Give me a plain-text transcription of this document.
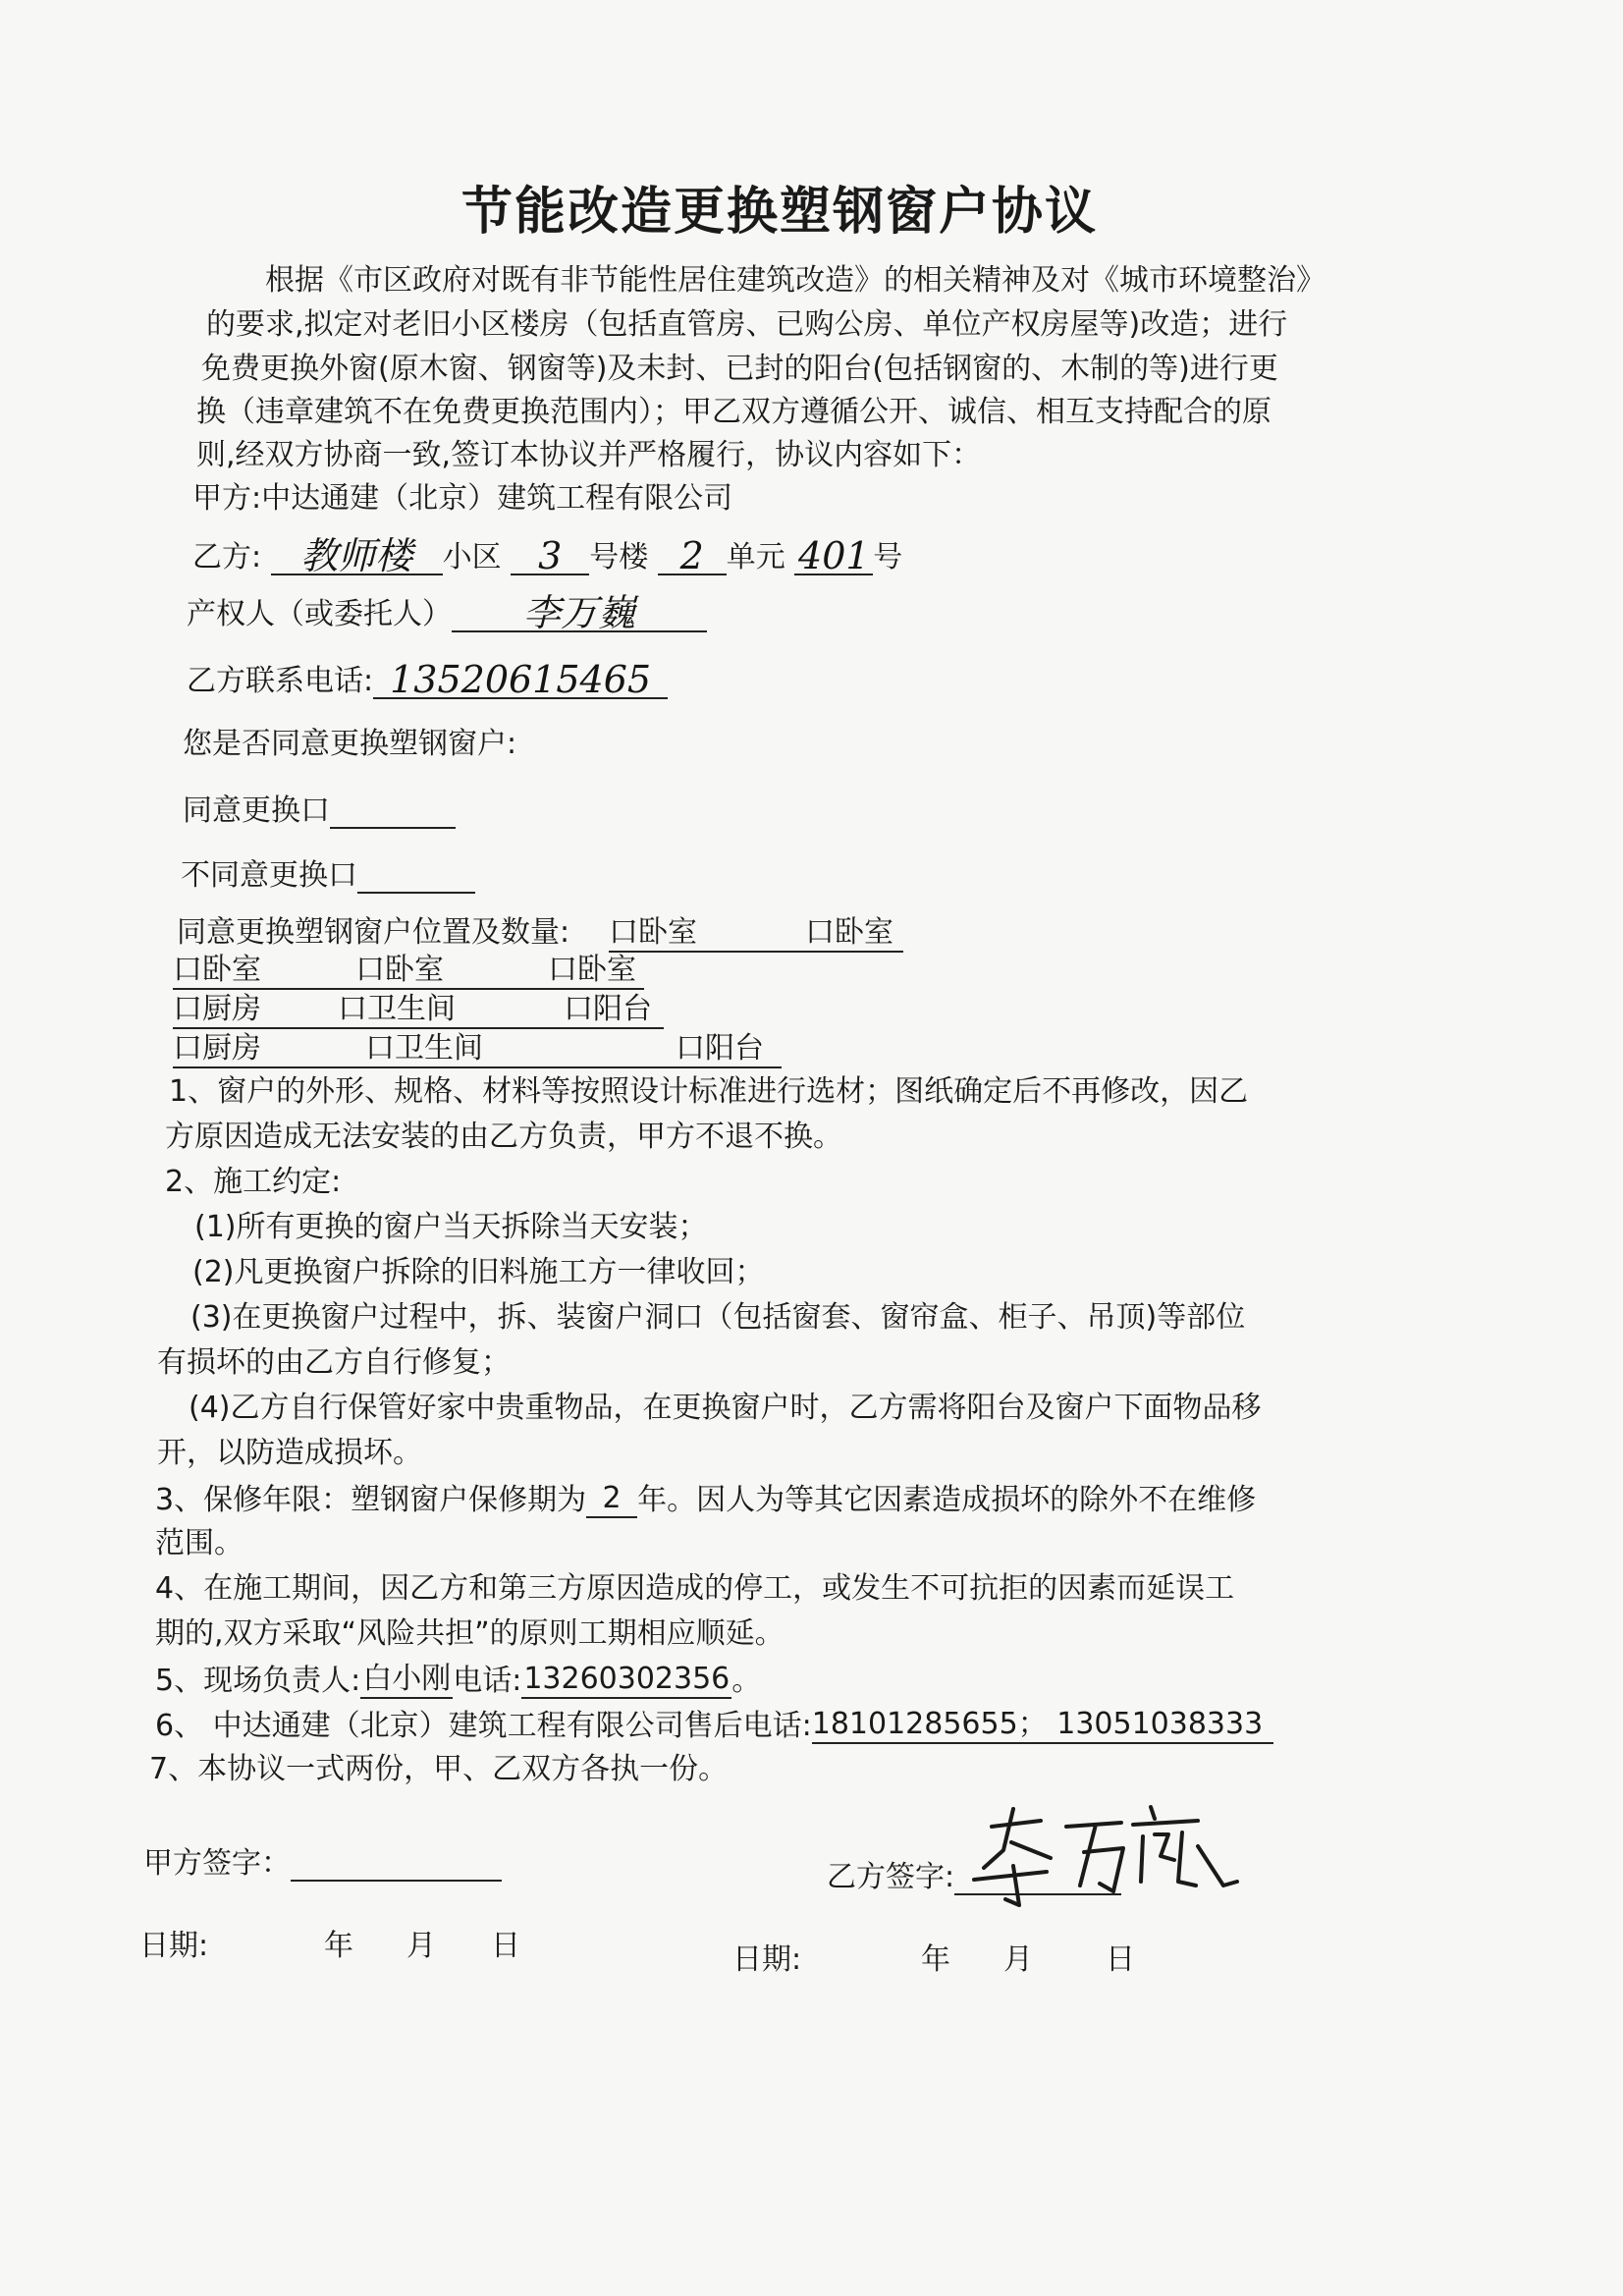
节能改造更换塑钢窗户协议
根据《市区政府对既有非节能性居住建筑改造》的相关精神及对《城市环境整治》
的要求,拟定对老旧小区楼房（包括直管房、已购公房、单位产权房屋等)改造；进行
免费更换外窗(原木窗、钢窗等)及未封、已封的阳台(包括钢窗的、木制的等)进行更
换（违章建筑不在免费更换范围内）；甲乙双方遵循公开、诚信、相互支持配合的原
则,经双方协商一致,签订本协议并严格履行，协议内容如下：
甲方:中达通建（北京）建筑工程有限公司
乙方: 教师楼 小区 3 号楼 2 单元 401 号
产权人（或委托人） 李万巍
乙方联系电话: 13520615465
您是否同意更换塑钢窗户:
同意更换口
不同意更换口
同意更换塑钢窗户位置及数量: 口卧室	口卧室
口卧室	口卧室	口卧室
口厨房	口卫生间	口阳台
口厨房	口卫生间	口阳台
1、窗户的外形、规格、材料等按照设计标准进行选材；图纸确定后不再修改，因乙
方原因造成无法安装的由乙方负责，甲方不退不换。
2、施工约定:
(1)所有更换的窗户当天拆除当天安装；
(2)凡更换窗户拆除的旧料施工方一律收回；
(3)在更换窗户过程中，拆、装窗户洞口（包括窗套、窗帘盒、柜子、吊顶)等部位
有损坏的由乙方自行修复；
(4)乙方自行保管好家中贵重物品，在更换窗户时，乙方需将阳台及窗户下面物品移
开，以防造成损坏。
3、保修年限：塑钢窗户保修期为 2 年。因人为等其它因素造成损坏的除外不在维修
范围。
4、在施工期间，因乙方和第三方原因造成的停工，或发生不可抗拒的因素而延误工
期的,双方采取“风险共担”的原则工期相应顺延。
5、现场负责人:白小刚电话:13260302356。
6、 中达通建（北京）建筑工程有限公司售后电话:18101285655； 13051038333
7、本协议一式两份，甲、乙双方各执一份。
甲方签字：	乙方签字:
日期:	年 月 日	日期:	年 月 日
